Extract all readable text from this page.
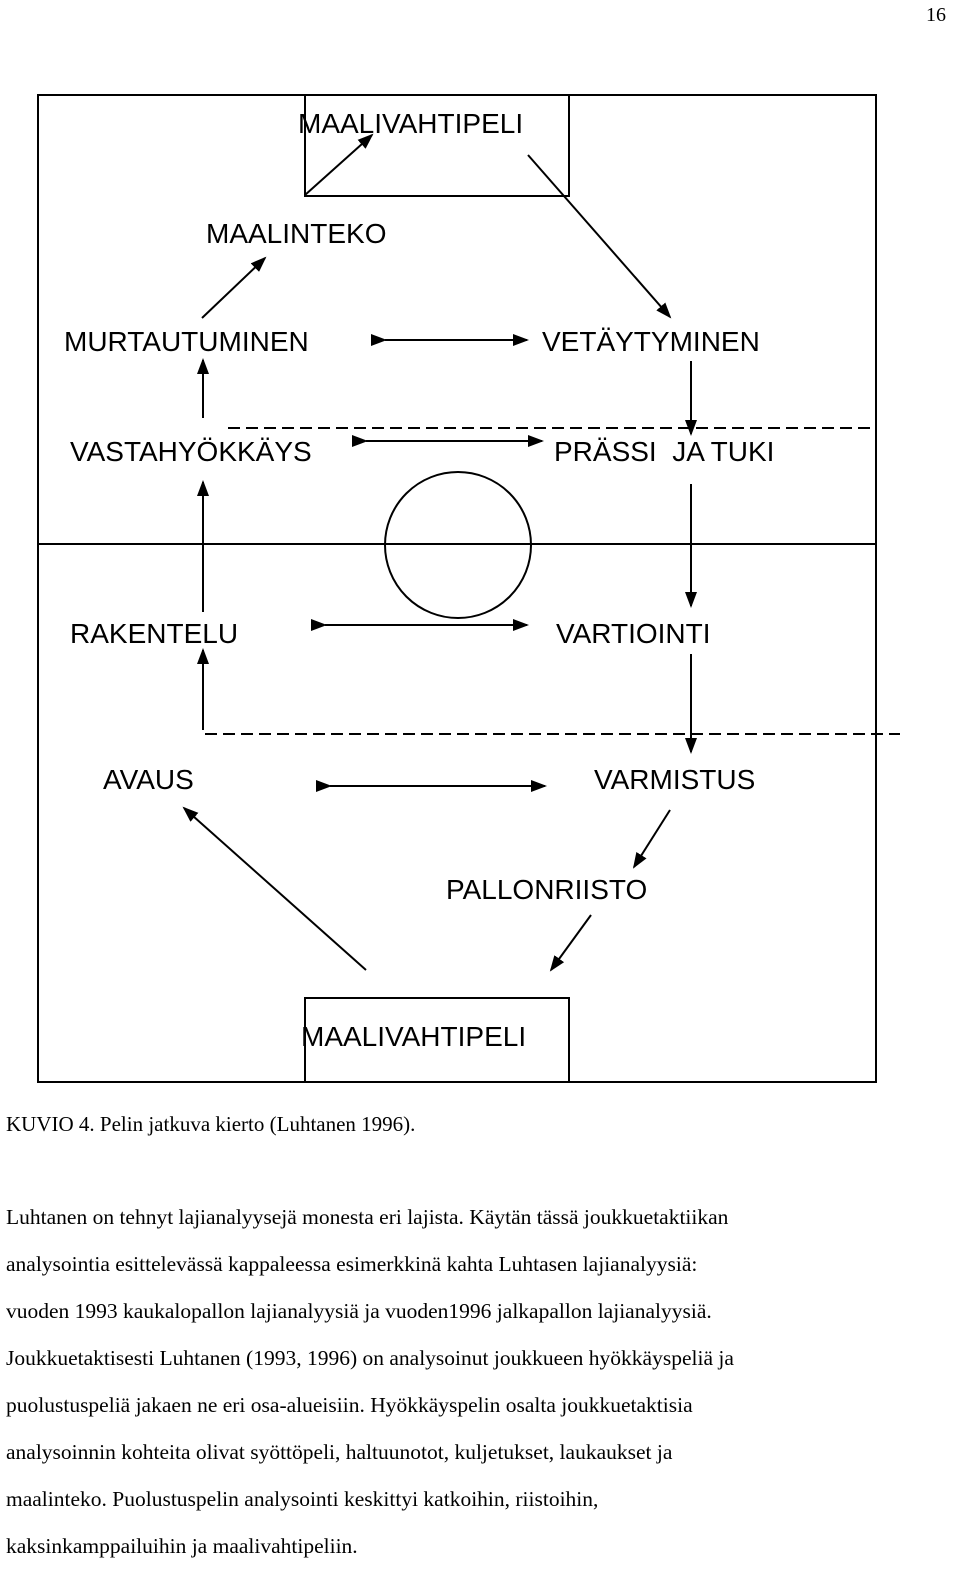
16
MAALIVAHTIPELI
MAALINTEKO
MURTAUTUMINEN	VETÄYTYMINEN
VASTAHYÖKKÄYS	PRÄSSI  JA TUKI
RAKENTELU	VARTIOINTI
AVAUS	VARMISTUS
PALLONRIISTO
MAALIVAHTIPELI
KUVIO 4. Pelin jatkuva kierto (Luhtanen 1996).
Luhtanen on tehnyt lajianalyysejä monesta eri lajista. Käytän tässä joukkuetaktiikan
analysointia esittelevässä kappaleessa esimerkkinä kahta Luhtasen lajianalyysiä:
vuoden 1993 kaukalopallon lajianalyysiä ja vuoden1996 jalkapallon lajianalyysiä.
Joukkuetaktisesti Luhtanen (1993, 1996) on analysoinut joukkueen hyökkäyspeliä ja
puolustuspeliä jakaen ne eri osa-alueisiin. Hyökkäyspelin osalta joukkuetaktisia
analysoinnin kohteita olivat syöttöpeli, haltuunotot, kuljetukset, laukaukset ja
maalinteko. Puolustuspelin analysointi keskittyi katkoihin, riistoihin,
kaksinkamppailuihin ja maalivahtipeliin.
